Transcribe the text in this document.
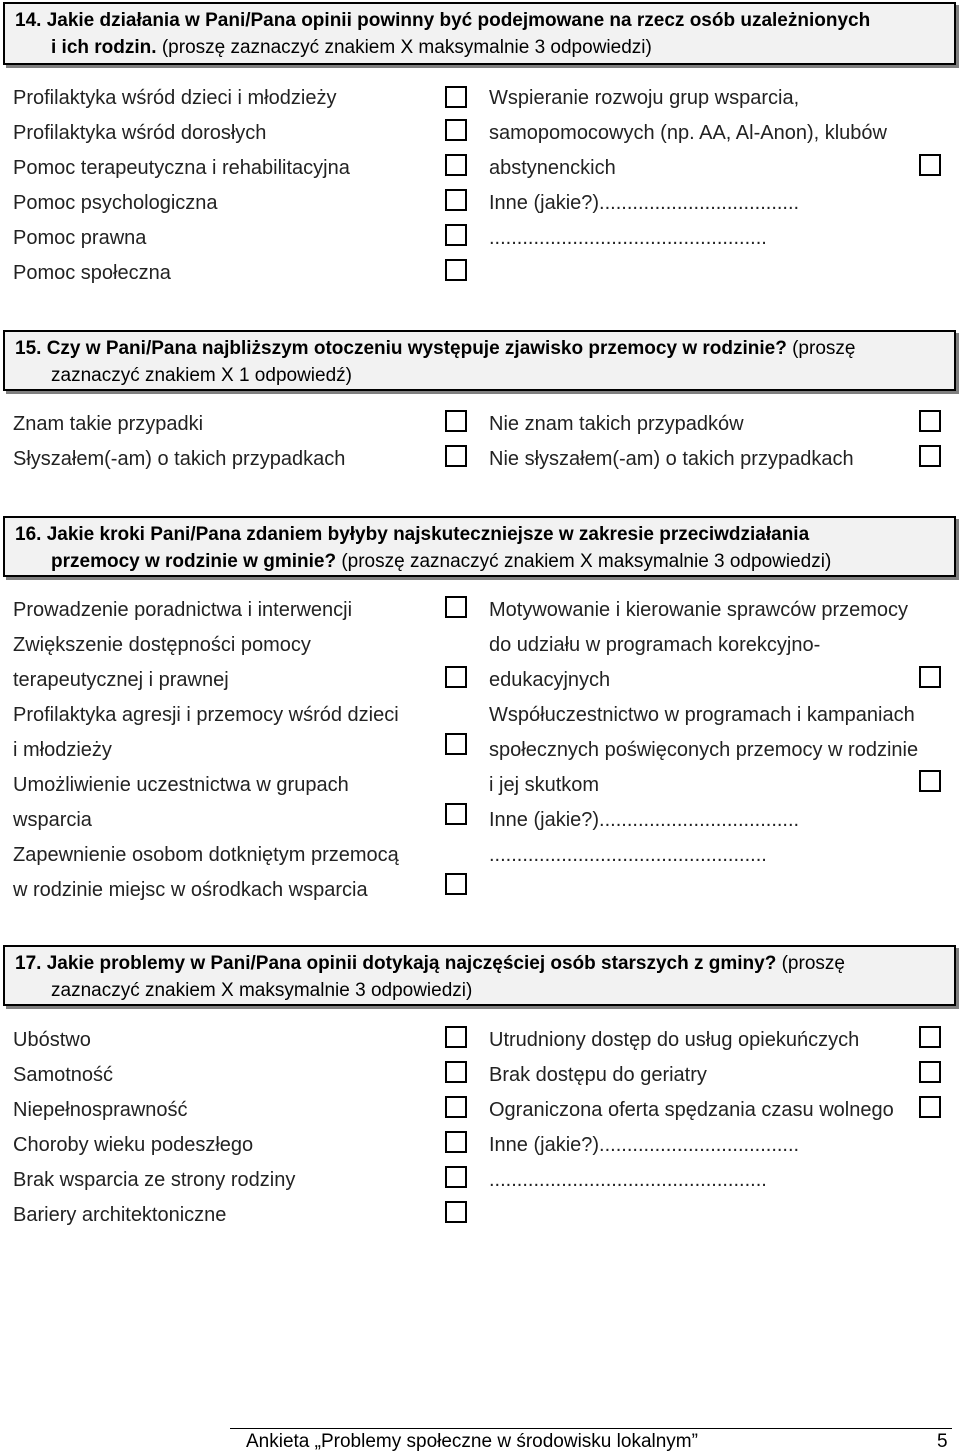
14. Jakie działania w Pani/Pana opinii powinny być podejmowane na rzecz osób uzależnionych
i ich rodzin. (proszę zaznaczyć znakiem X maksymalnie 3 odpowiedzi)
Profilaktyka wśród dzieci i młodzieży
Profilaktyka wśród dorosłych
Pomoc terapeutyczna i rehabilitacyjna
Pomoc psychologiczna
Pomoc prawna
Pomoc społeczna
Wspieranie rozwoju grup wsparcia,
samopomocowych (np. AA, Al-Anon), klubów
abstynenckich
Inne (jakie?)....................................
..................................................
15. Czy w Pani/Pana najbliższym otoczeniu występuje zjawisko przemocy w rodzinie? (proszę
zaznaczyć znakiem X 1 odpowiedź)
Znam takie przypadki
Słyszałem(-am) o takich przypadkach
Nie znam takich przypadków
Nie słyszałem(-am) o takich przypadkach
16. Jakie kroki Pani/Pana zdaniem byłyby najskuteczniejsze w zakresie przeciwdziałania
przemocy w rodzinie w gminie? (proszę zaznaczyć znakiem X maksymalnie 3 odpowiedzi)
Prowadzenie poradnictwa i interwencji
Zwiększenie dostępności pomocy
terapeutycznej i prawnej
Profilaktyka agresji i przemocy wśród dzieci
i młodzieży
Umożliwienie uczestnictwa w grupach
wsparcia
Zapewnienie osobom dotkniętym przemocą
w rodzinie miejsc w ośrodkach wsparcia
Motywowanie i kierowanie sprawców przemocy
do udziału w programach korekcyjno-
edukacyjnych
Współuczestnictwo w programach i kampaniach
społecznych poświęconych przemocy w rodzinie
i jej skutkom
Inne (jakie?)....................................
..................................................
17. Jakie problemy w Pani/Pana opinii dotykają najczęściej osób starszych z gminy? (proszę
zaznaczyć znakiem X maksymalnie 3 odpowiedzi)
Ubóstwo
Samotność
Niepełnosprawność
Choroby wieku podeszłego
Brak wsparcia ze strony rodziny
Bariery architektoniczne
Utrudniony dostęp do usług opiekuńczych
Brak dostępu do geriatry
Ograniczona oferta spędzania czasu wolnego
Inne (jakie?)....................................
..................................................
Ankieta „Problemy społeczne w środowisku lokalnym”	5
